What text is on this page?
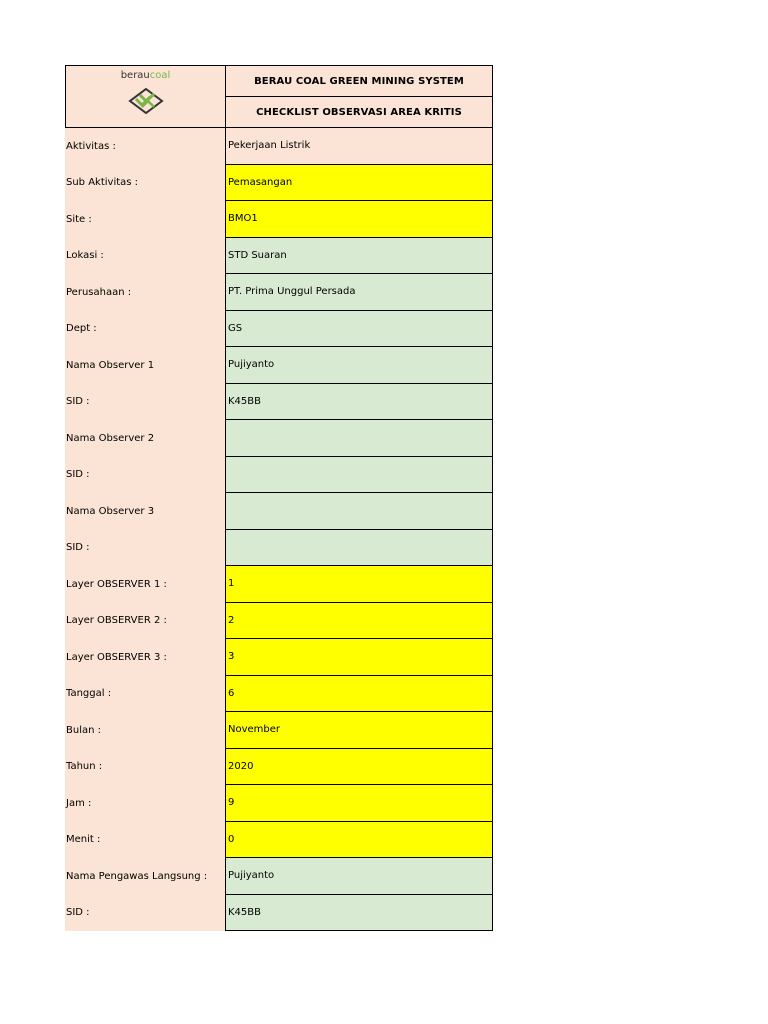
beraucoal	BERAU COAL GREEN MINING SYSTEM
CHECKLIST OBSERVASI AREA KRITIS
Aktivitas :	Pekerjaan Listrik
Sub Aktivitas :	Pemasangan
Site :	BMO1
Lokasi :	STD Suaran
Perusahaan :	PT. Prima Unggul Persada
Dept :	GS
Nama Observer 1	Pujiyanto
SID :	K45BB
Nama Observer 2
SID :
Nama Observer 3
SID :
Layer OBSERVER 1 :	1
Layer OBSERVER 2 :	2
Layer OBSERVER 3 :	3
Tanggal :	6
Bulan :	November
Tahun :	2020
Jam :	9
Menit :	0
Nama Pengawas Langsung :	Pujiyanto
SID :	K45BB
